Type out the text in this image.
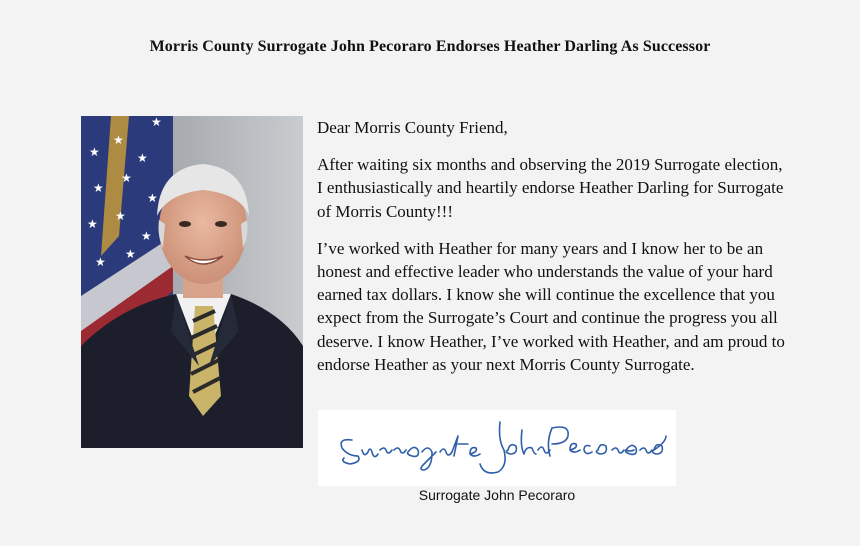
Morris County Surrogate John Pecoraro Endorses Heather Darling As Successor
★
★
★
★
★
★
★
★
★
★
★
★	Dear Morris County Friend,

After waiting six months and observing the 2019 Surrogate election, I enthusiastically and heartily endorse Heather Darling for Surrogate of Morris County!!!

I’ve worked with Heather for many years and I know her to be an honest and effective leader who understands the value of your hard earned tax dollars. I know she will continue the excellence that you expect from the Surrogate’s Court and continue the progress you all deserve. I know Heather, I’ve worked with Heather, and am proud to endorse Heather as your next Morris County Surrogate.

Surrogate John Pecoraro
